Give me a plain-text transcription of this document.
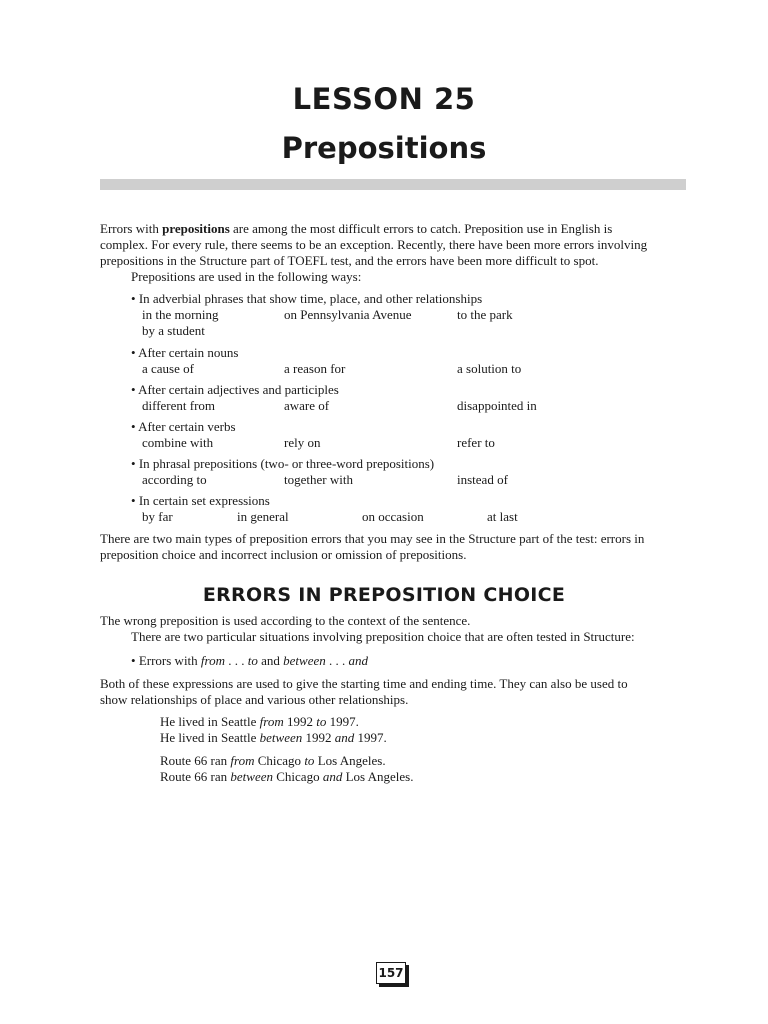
LESSON 25
Prepositions
Errors with prepositions are among the most difficult errors to catch. Preposition use in English is
complex. For every rule, there seems to be an exception. Recently, there have been more errors involving
prepositions in the Structure part of TOEFL test, and the errors have been more difficult to spot.
Prepositions are used in the following ways:
• In adverbial phrases that show time, place, and other relationships
in the morning	on Pennsylvania Avenue	to the park
by a student
• After certain nouns
a cause of	a reason for	a solution to
• After certain adjectives and participles
different from	aware of	disappointed in
• After certain verbs
combine with	rely on	refer to
• In phrasal prepositions (two- or three-word prepositions)
according to	together with	instead of
• In certain set expressions
by far	in general	on occasion	at last
There are two main types of preposition errors that you may see in the Structure part of the test: errors in
preposition choice and incorrect inclusion or omission of prepositions.
ERRORS IN PREPOSITION CHOICE
The wrong preposition is used according to the context of the sentence.
There are two particular situations involving preposition choice that are often tested in Structure:
• Errors with from . . . to and between . . . and
Both of these expressions are used to give the starting time and ending time. They can also be used to
show relationships of place and various other relationships.
He lived in Seattle from 1992 to 1997.
He lived in Seattle between 1992 and 1997.
Route 66 ran from Chicago to Los Angeles.
Route 66 ran between Chicago and Los Angeles.
157
